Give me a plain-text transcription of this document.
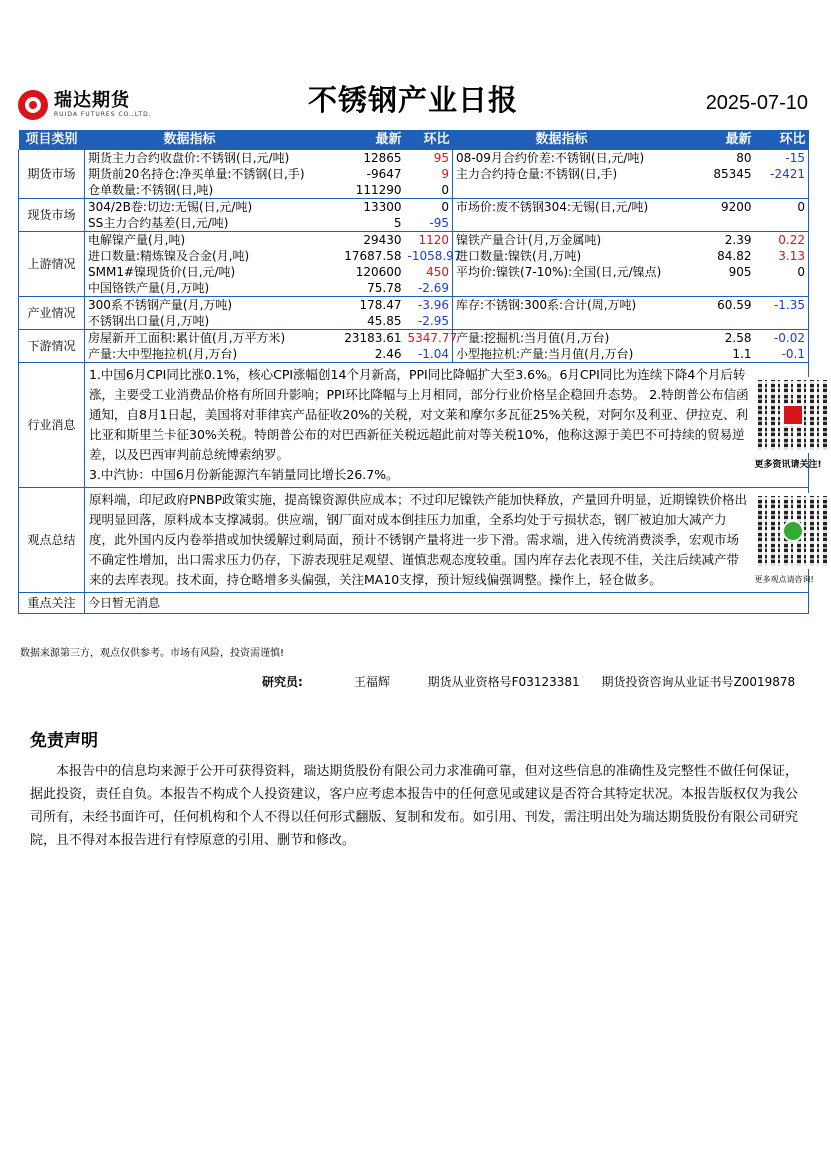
瑞达期货
RUIDA FUTURES CO.,LTD.	不锈钢产业日报	2025-07-10
项目类别	数据指标	最新	环比	数据指标	最新	环比
期货市场	期货主力合约收盘价:不锈钢(日,元/吨)	12865	95	08-09月合约价差:不锈钢(日,元/吨)	80	-15
	期货前20名持仓:净买单量:不锈钢(日,手)	-9647	9	主力合约持仓量:不锈钢(日,手)	85345	-2421
	仓单数量:不锈钢(日,吨)	111290	0			
现货市场	304/2B卷:切边:无锡(日,元/吨)	13300	0	市场价:废不锈钢304:无锡(日,元/吨)	9200	0
	SS主力合约基差(日,元/吨)	5	-95			
上游情况	电解镍产量(月,吨)	29430	1120	镍铁产量合计(月,万金属吨)	2.39	0.22
	进口数量:精炼镍及合金(月,吨)	17687.58	-1058.97	进口数量:镍铁(月,万吨)	84.82	3.13
	SMM1#镍现货价(日,元/吨)	120600	450	平均价:镍铁(7-10%):全国(日,元/镍点)	905	0
	中国铬铁产量(月,万吨)	75.78	-2.69			
产业情况	300系不锈钢产量(月,万吨)	178.47	-3.96	库存:不锈钢:300系:合计(周,万吨)	60.59	-1.35
	不锈钢出口量(月,万吨)	45.85	-2.95			
下游情况	房屋新开工面积:累计值(月,万平方米)	23183.61	5347.77	产量:挖掘机:当月值(月,万台)	2.58	-0.02
	产量:大中型拖拉机(月,万台)	2.46	-1.04	小型拖拉机:产量:当月值(月,万台)	1.1	-0.1
行业消息	1.中国6月CPI同比涨0.1%，核心CPI涨幅创14个月新高，PPI同比降幅扩大至3.6%。6月CPI同比为连续下降4个月后转涨，主要受工业消费品价格有所回升影响；PPI环比降幅与上月相同，部分行业价格呈企稳回升态势。 2.特朗普公布信函通知，自8月1日起，美国将对菲律宾产品征收20%的关税，对文莱和摩尔多瓦征25%关税，对阿尔及利亚、伊拉克、利比亚和斯里兰卡征30%关税。特朗普公布的对巴西新征关税远超此前对等关税10%，他称这源于美巴不可持续的贸易逆差，以及巴西审判前总统博索纳罗。
3.中汽协：中国6月份新能源汽车销量同比增长26.7%。					更多资讯请关注!

观点总结	原料端，印尼政府PNBP政策实施，提高镍资源供应成本；不过印尼镍铁产能加快释放，产量回升明显，近期镍铁价格出现明显回落，原料成本支撑减弱。供应端，钢厂面对成本倒挂压力加重，全系均处于亏损状态，钢厂被迫加大减产力度，此外国内反内卷举措或加快缓解过剩局面，预计不锈钢产量将进一步下滑。需求端，进入传统消费淡季，宏观市场不确定性增加，出口需求压力仍存，下游表现驻足观望、谨慎悲观态度较重。国内库存去化表现不佳，关注后续减产带来的去库表现。技术面，持仓略增多头偏强，关注MA10支撑，预计短线偏强调整。操作上，轻仓做多。					更多观点请咨询!

重点关注	今日暂无消息					
数据来源第三方，观点仅供参考。市场有风险，投资需谨慎!
研究员:	王福辉	期货从业资格号F03123381 期货投资咨询从业证书号Z0019878
免责声明
本报告中的信息均来源于公开可获得资料，瑞达期货股份有限公司力求准确可靠，但对这些信息的准确性及完整性不做任何保证，据此投资，责任自负。本报告不构成个人投资建议，客户应考虑本报告中的任何意见或建议是否符合其特定状况。本报告版权仅为我公司所有，未经书面许可，任何机构和个人不得以任何形式翻版、复制和发布。如引用、刊发，需注明出处为瑞达期货股份有限公司研究院，且不得对本报告进行有悖原意的引用、删节和修改。
